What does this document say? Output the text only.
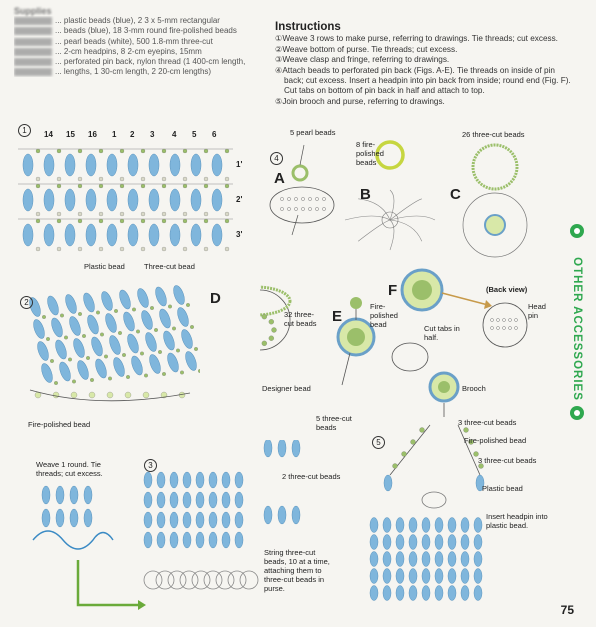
Supplies
... plastic beads (blue), 2 3 x 5-mm rectangular
... beads (blue), 18 3-mm round fire-polished beads
... pearl beads (white), 500 1.8-mm three-cut
... 2-cm headpins, 8 2-cm eyepins, 15mm
... perforated pin back, nylon thread (1 400-cm length,
... lengths, 1 30-cm length, 2 20-cm lengths)
Instructions
①Weave 3 rows to make purse, referring to drawings. Tie threads; cut excess.
②Weave bottom of purse. Tie threads; cut excess.
③Weave clasp and fringe, referring to drawings.
④Attach beads to perforated pin back (Figs. A-E). Tie threads on inside of pin back; cut excess. Insert a headpin into pin back from inside; round end (Fig. F). Cut tabs on bottom of pin back in half and attach to top.
⑤Join brooch and purse, referring to drawings.
OTHER ACCESSORIES
1	14 15 16 1 2 3 4 5 6
1'
2'
3'
Plastic bead	Three-cut bead
2
Fire-polished bead
3
Weave 1 round. Tie threads; cut excess.
Designer bead
5 three-cut beads
2 three-cut beads
String three-cut beads, 10 at a time, attaching them to three-cut beads in purse.
4
A
B	C
D
E
F
5 pearl beads
8 fire-polished beads
26 three-cut beads
32 three-cut beads
Fire-polished bead	Cut tabs in half.
(Back view)
Head pin
5
Brooch
3 three-cut beads
Fire-polished bead
3 three-cut beads
Plastic bead
Insert headpin into plastic bead.
75
